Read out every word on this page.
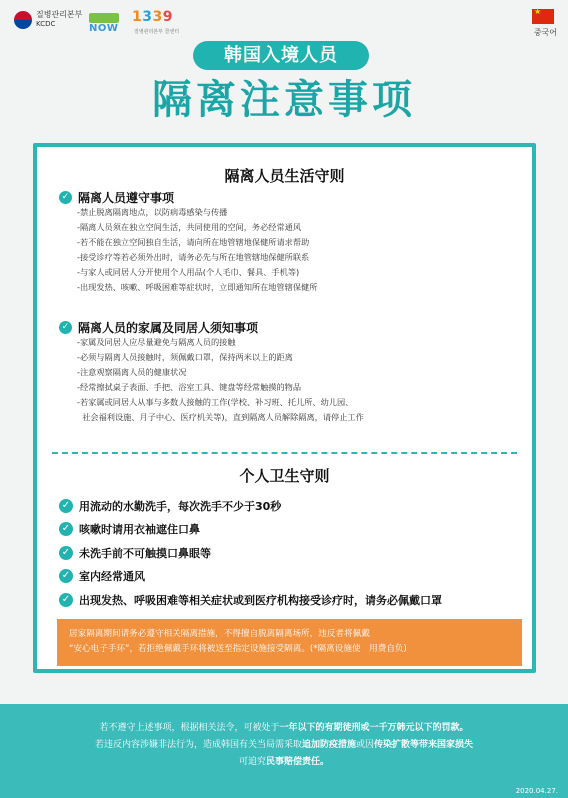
질병관리본부
KCDC	NOW
1339
질병관리본부 콜센터
★
중국어
韩国入境人员
隔离注意事项
隔离人员生活守则
✓ 隔离人员遵守事项
-禁止脱离隔离地点，以防病毒感染与传播
-隔离人员须在独立空间生活，共同使用的空间，务必经常通风
-若不能在独立空间独自生活，请向所在地管辖地保健所请求帮助
-接受诊疗等若必须外出时，请务必先与所在地管辖地保健所联系
-与家人或同居人分开使用个人用品(个人毛巾、餐具、手机等)
-出现发热、咳嗽、呼吸困难等症状时，立即通知所在地管辖保健所
✓ 隔离人员的家属及同居人须知事项
-家属及同居人应尽量避免与隔离人员的接触
-必须与隔离人员接触时，须佩戴口罩，保持两米以上的距离
-注意观察隔离人员的健康状况
-经常擦拭桌子表面、手把、浴室工具、键盘等经常触摸的物品
-若家属或同居人从事与多数人接触的工作(学校、补习班、托儿所、幼儿园、
社会福利设施、月子中心、医疗机关等)，直到隔离人员解除隔离，请停止工作
个人卫生守则
✓ 用流动的水勤洗手，每次洗手不少于30秒
✓ 咳嗽时请用衣袖遮住口鼻
✓ 未洗手前不可触摸口鼻眼等
✓ 室内经常通风
✓ 出现发热、呼吸困难等相关症状或到医疗机构接受诊疗时，请务必佩戴口罩
居家隔离期间请务必遵守相关隔离措施，不得擅自脱离隔离场所，违反者将佩戴
“安心电子手环”，若拒绝佩戴手环将被送至指定设施接受隔离。(*隔离设施使　用费自负)
若不遵守上述事项，根据相关法令，可被处于一年以下的有期徒刑或一千万韩元以下的罚款。
若违反内容涉嫌非法行为，造成韩国有关当局需采取追加防疫措施或因传染扩散等带来国家损失
可追究民事赔偿责任。
2020.04.27.
